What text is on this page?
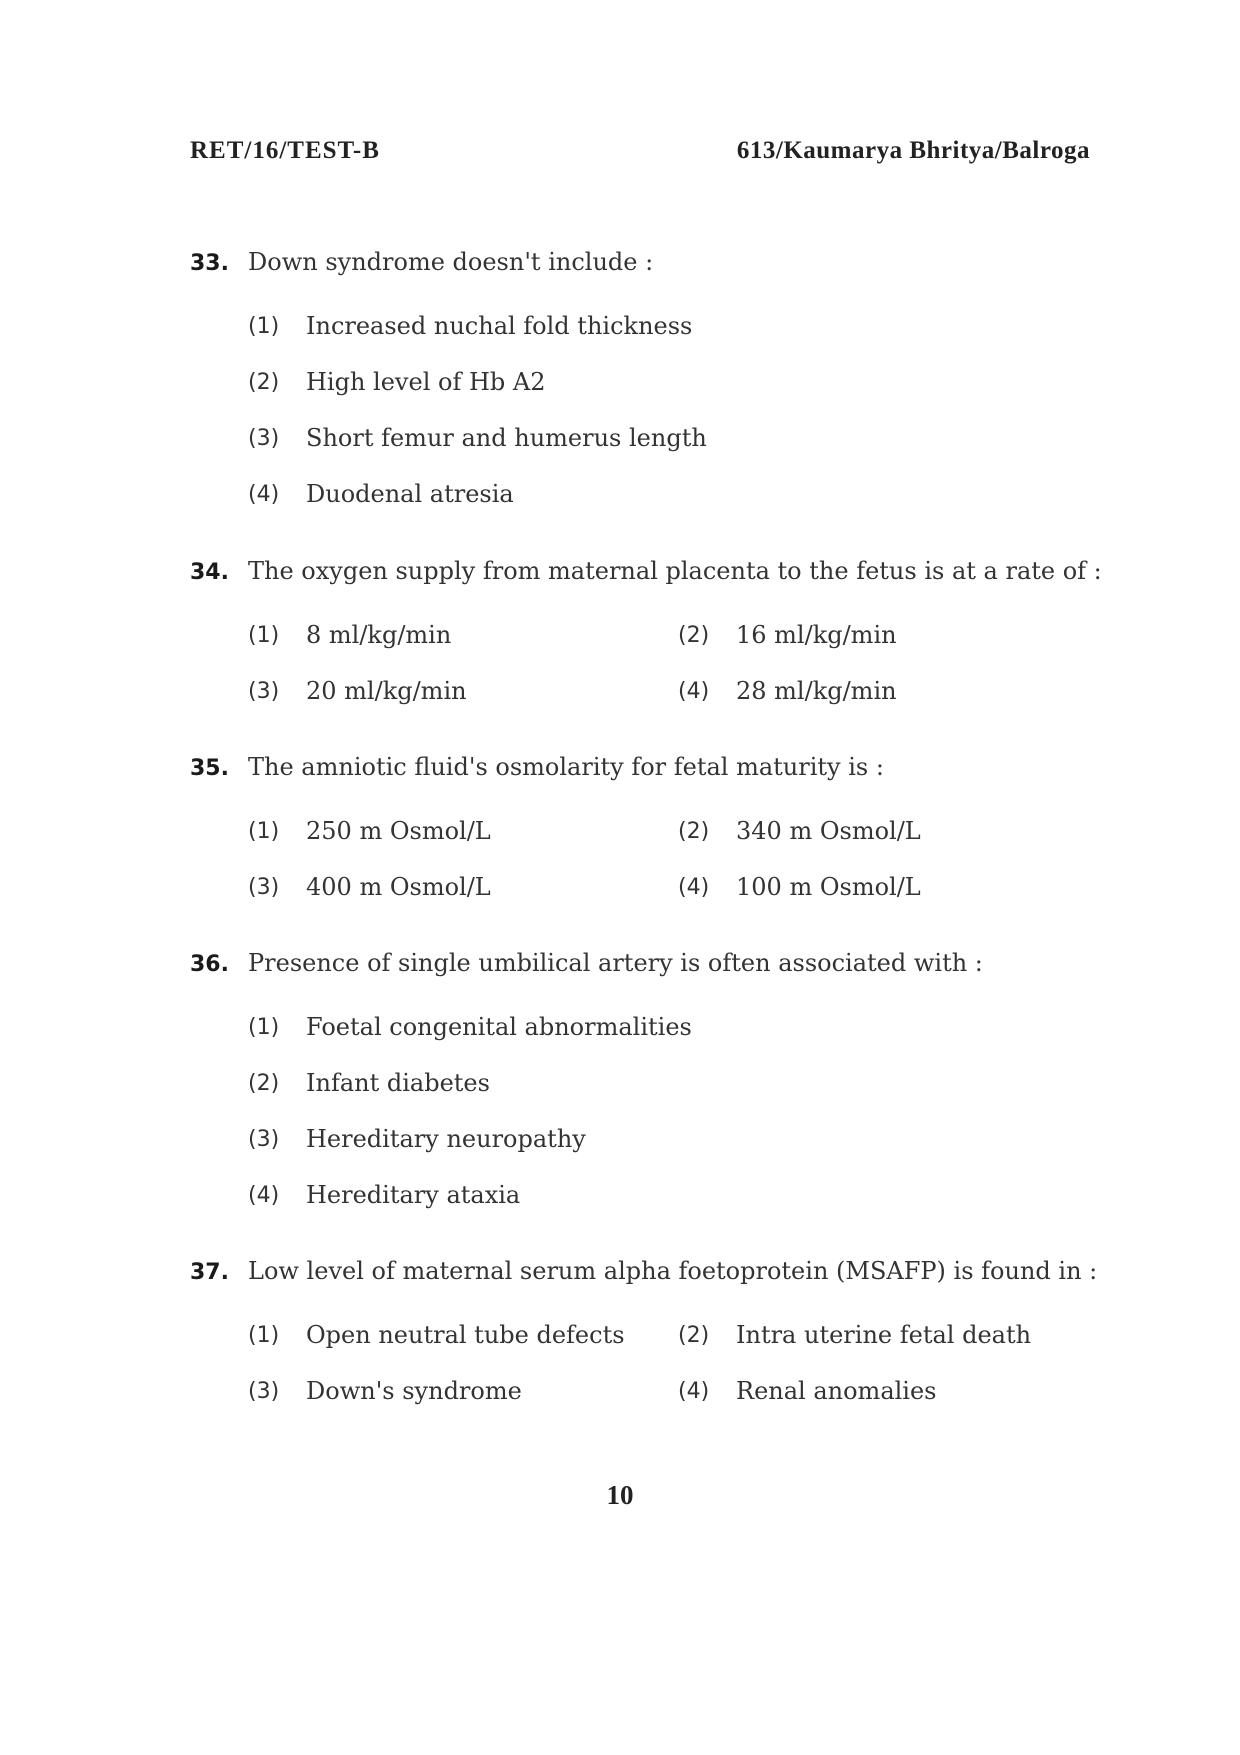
RET/16/TEST-B	613/Kaumarya Bhritya/Balroga
33. Down syndrome doesn't include :
(1)	Increased nuchal fold thickness
(2)	High level of Hb A2
(3)	Short femur and humerus length
(4)	Duodenal atresia
34. The oxygen supply from maternal placenta to the fetus is at a rate of :
(1)	8 ml/kg/min	(2)	16 ml/kg/min
(3)	20 ml/kg/min	(4)	28 ml/kg/min
35. The amniotic fluid's osmolarity for fetal maturity is :
(1)	250 m Osmol/L	(2)	340 m Osmol/L
(3)	400 m Osmol/L	(4)	100 m Osmol/L
36. Presence of single umbilical artery is often associated with :
(1)	Foetal congenital abnormalities
(2)	Infant diabetes
(3)	Hereditary neuropathy
(4)	Hereditary ataxia
37. Low level of maternal serum alpha foetoprotein (MSAFP) is found in :
(1)	Open neutral tube defects (2)	Intra uterine fetal death
(3)	Down's syndrome	(4)	Renal anomalies
10
